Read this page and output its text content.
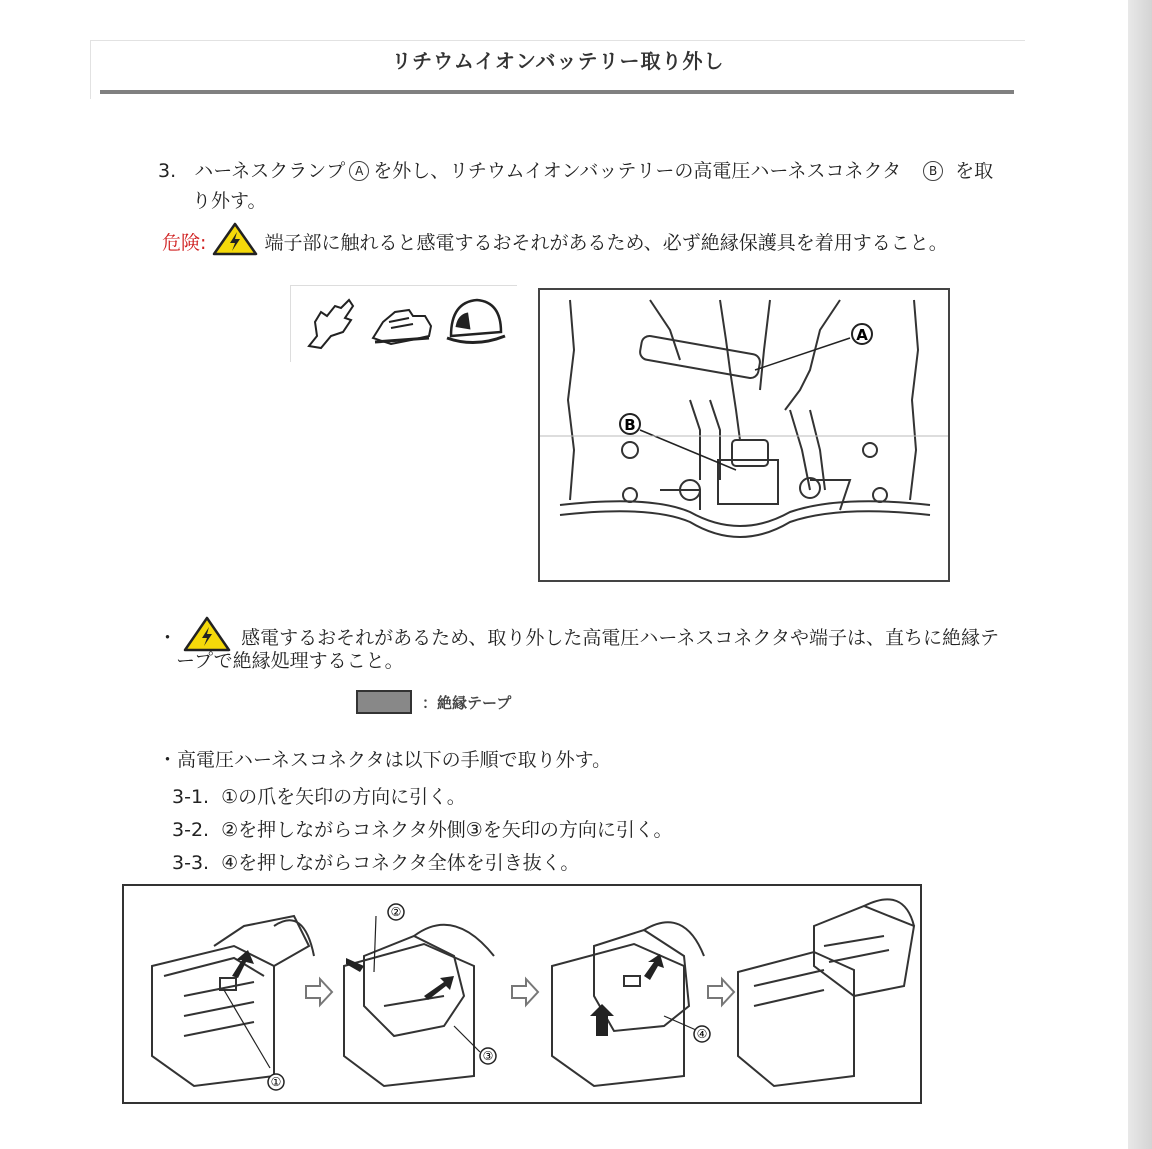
リチウムイオンバッテリー取り外し
3. ハーネスクランプ A を外し、リチウムイオンバッテリーの高電圧ハーネスコネクタ B を取
り外す。
危険:	端子部に触れると感電するおそれがあるため、必ず絶縁保護具を着用すること。
A
B
・	感電するおそれがあるため、取り外した高電圧ハーネスコネクタや端子は、直ちに絶縁テ
ープで絶縁処理すること。
：絶縁テープ
・高電圧ハーネスコネクタは以下の手順で取り外す。
3-1.  ①の爪を矢印の方向に引く。
3-2.  ②を押しながらコネクタ外側③を矢印の方向に引く。
3-3.  ④を押しながらコネクタ全体を引き抜く。
①
②
③
④
